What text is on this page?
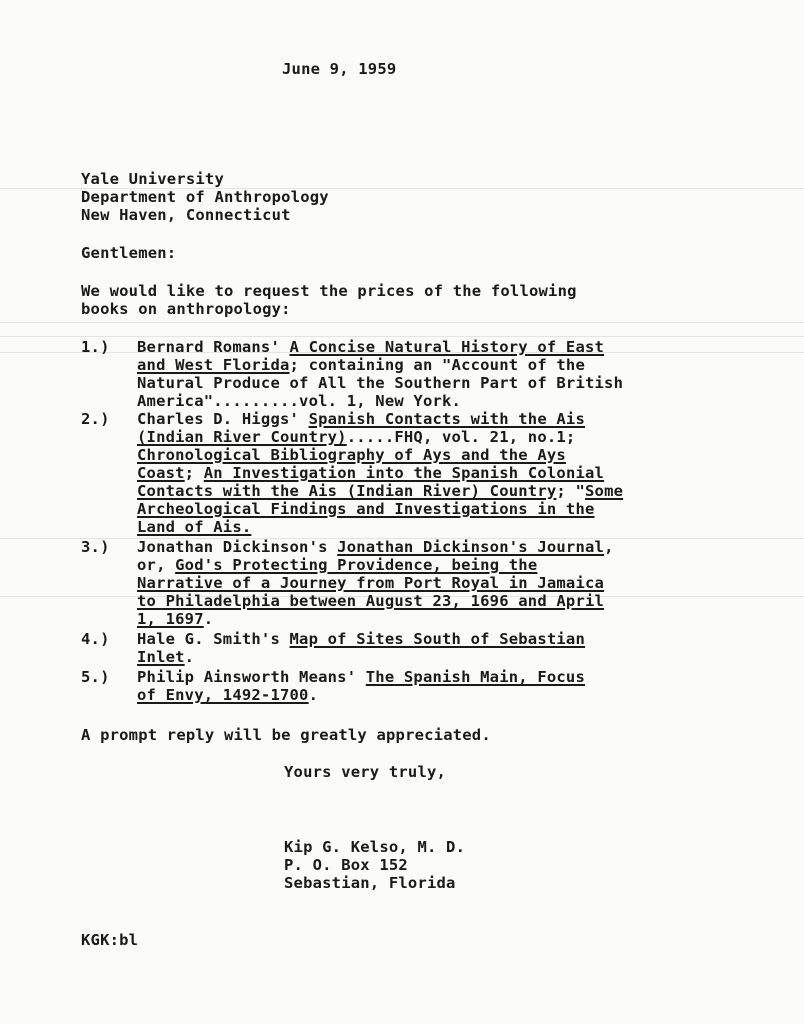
June 9, 1959
Yale University
Department of Anthropology
New Haven, Connecticut
Gentlemen:
We would like to request the prices of the following
books on anthropology:
1.) Bernard Romans' A Concise Natural History of East
and West Florida; containing an "Account of the
Natural Produce of All the Southern Part of British
America".........vol. 1, New York.
2.) Charles D. Higgs' Spanish Contacts with the Ais
(Indian River Country).....FHQ, vol. 21, no.1;
Chronological Bibliography of Ays and the Ays
Coast; An Investigation into the Spanish Colonial
Contacts with the Ais (Indian River) Country; "Some
Archeological Findings and Investigations in the
Land of Ais.
3.) Jonathan Dickinson's Jonathan Dickinson's Journal,
or, God's Protecting Providence, being the
Narrative of a Journey from Port Royal in Jamaica
to Philadelphia between August 23, 1696 and April
1, 1697.
4.) Hale G. Smith's Map of Sites South of Sebastian
Inlet.
5.) Philip Ainsworth Means' The Spanish Main, Focus
of Envy, 1492-1700.
A prompt reply will be greatly appreciated.
Yours very truly,
Kip G. Kelso, M. D.
P. O. Box 152
Sebastian, Florida
KGK:bl
